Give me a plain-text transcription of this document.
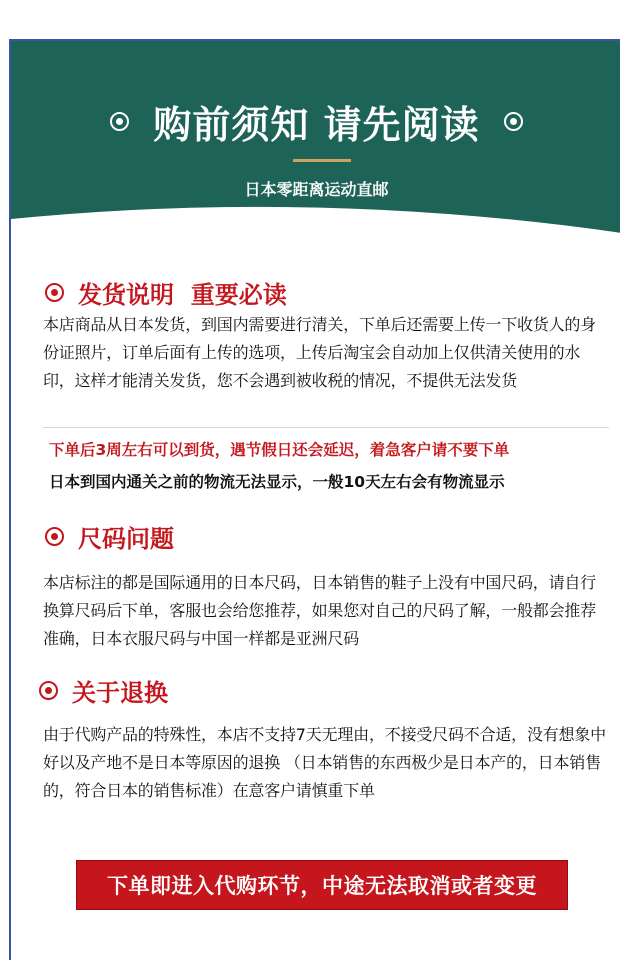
购前须知 请先阅读
日本零距离运动直邮
发货说明  重要必读

本店商品从日本发货，到国内需要进行清关，下单后还需要上传一下收货人的身份证照片，订单后面有上传的选项，上传后淘宝会自动加上仅供清关使用的水印，这样才能清关发货，您不会遇到被收税的情况，不提供无法发货

下单后3周左右可以到货，遇节假日还会延迟，着急客户请不要下单
日本到国内通关之前的物流无法显示，一般10天左右会有物流显示
尺码问题

本店标注的都是国际通用的日本尺码，日本销售的鞋子上没有中国尺码，请自行换算尺码后下单，客服也会给您推荐，如果您对自己的尺码了解，一般都会推荐准确，日本衣服尺码与中国一样都是亚洲尺码

关于退换

由于代购产品的特殊性，本店不支持7天无理由，不接受尺码不合适，没有想象中好以及产地不是日本等原因的退换 （日本销售的东西极少是日本产的，日本销售的，符合日本的销售标准）在意客户请慎重下单

下单即进入代购环节，中途无法取消或者变更
